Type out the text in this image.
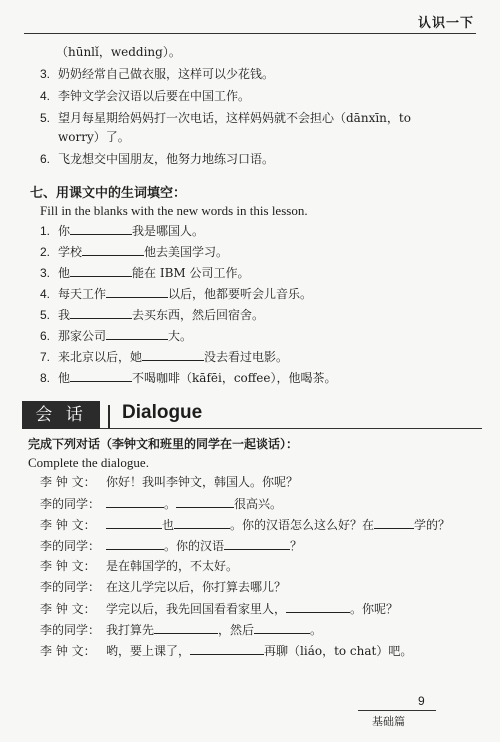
认识一下
（hūnlǐ，wedding）。
3. 奶奶经常自己做衣服，这样可以少花钱。
4. 李钟文学会汉语以后要在中国工作。
5. 望月每星期给妈妈打一次电话，这样妈妈就不会担心（dānxīn，to
worry）了。
6. 飞龙想交中国朋友，他努力地练习口语。
七、用课文中的生词填空：
Fill in the blanks with the new words in this lesson.
1. 你	我是哪国人。
2. 学校	他去美国学习。
3. 他	能在 IBM 公司工作。
4. 每天工作	以后，他都要听会儿音乐。
5. 我	去买东西，然后回宿舍。
6. 那家公司	大。
7. 来北京以后，她	没去看过电影。
8. 他	不喝咖啡（kāfēi，coffee），他喝茶。
会 话	Dialogue
完成下列对话（李钟文和班里的同学在一起谈话）：
Complete the dialogue.
李 钟 文： 你好！我叫李钟文，韩国人。你呢？
李的同学：	。	很高兴。
李 钟 文：	也	。你的汉语怎么这么好？在	学的？
李的同学：	。你的汉语	？
李 钟 文： 是在韩国学的，不太好。
李的同学： 在这儿学完以后，你打算去哪儿？
李 钟 文： 学完以后，我先回国看看家里人，	。你呢？
李的同学： 我打算先	，然后	。
李 钟 文： 哟，要上课了，	再聊（liáo，to chat）吧。
9
基础篇
